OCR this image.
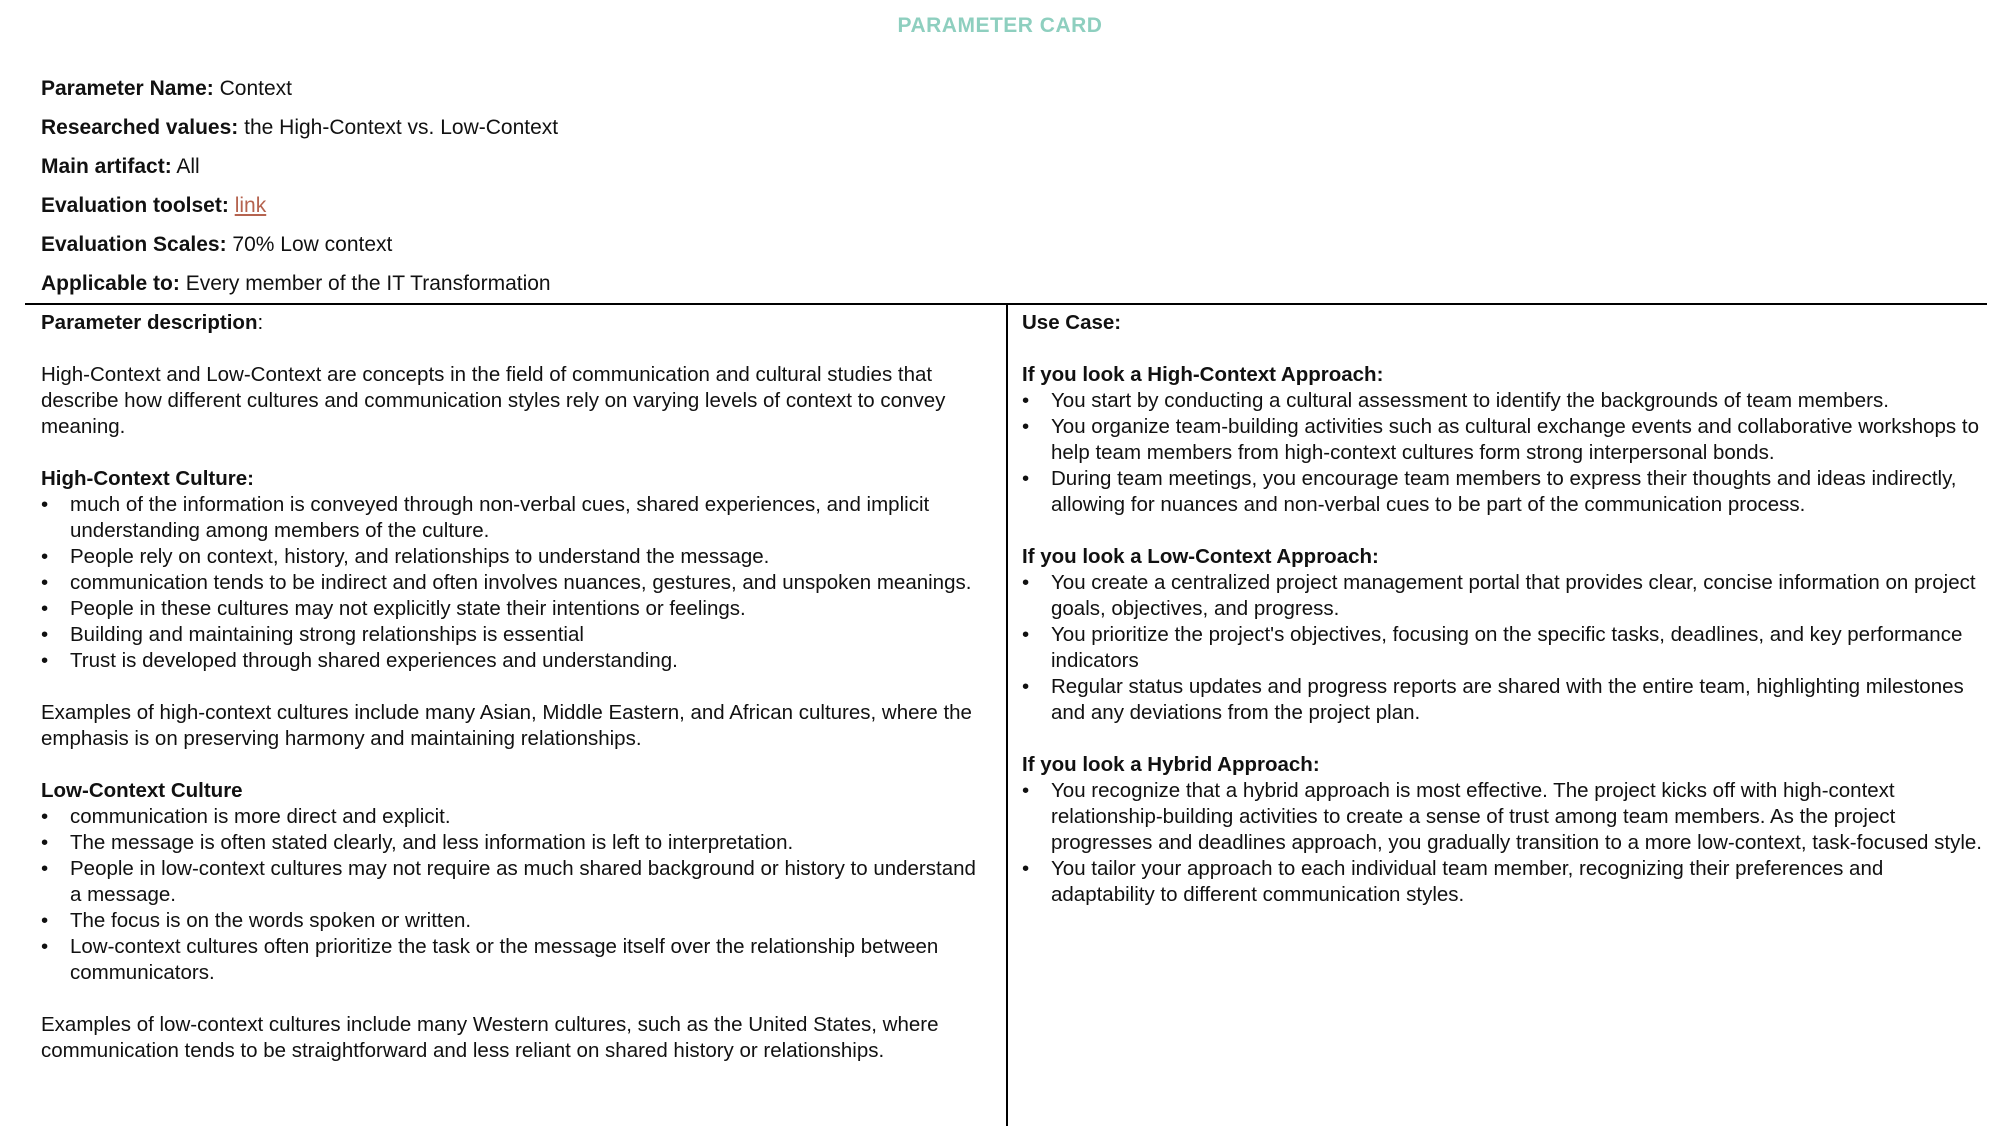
PARAMETER CARD
Parameter Name: Context
Researched values: the High-Context vs. Low-Context
Main artifact: All
Evaluation toolset: link
Evaluation Scales: 70% Low context
Applicable to: Every member of the IT Transformation

Parameter description:

High-Context and Low-Context are concepts in the field of communication and cultural studies that describe how different cultures and communication styles rely on varying levels of context to convey meaning.

High-Context Culture:

• much of the information is conveyed through non-verbal cues, shared experiences, and implicit understanding among members of the culture.
• People rely on context, history, and relationships to understand the message.
• communication tends to be indirect and often involves nuances, gestures, and unspoken meanings.
• People in these cultures may not explicitly state their intentions or feelings.
• Building and maintaining strong relationships is essential
• Trust is developed through shared experiences and understanding.

Examples of high-context cultures include many Asian, Middle Eastern, and African cultures, where the emphasis is on preserving harmony and maintaining relationships.

Low-Context Culture

• communication is more direct and explicit.
• The message is often stated clearly, and less information is left to interpretation.
• People in low-context cultures may not require as much shared background or history to understand a message.
• The focus is on the words spoken or written.
• Low-context cultures often prioritize the task or the message itself over the relationship between communicators.

Examples of low-context cultures include many Western cultures, such as the United States, where communication tends to be straightforward and less reliant on shared history or relationships.

Use Case:

If you look a High-Context Approach:

• You start by conducting a cultural assessment to identify the backgrounds of team members.
• You organize team-building activities such as cultural exchange events and collaborative workshops to help team members from high-context cultures form strong interpersonal bonds.
• During team meetings, you encourage team members to express their thoughts and ideas indirectly, allowing for nuances and non-verbal cues to be part of the communication process.

If you look a Low-Context Approach:

• You create a centralized project management portal that provides clear, concise information on project goals, objectives, and progress.
• You prioritize the project's objectives, focusing on the specific tasks, deadlines, and key performance indicators
• Regular status updates and progress reports are shared with the entire team, highlighting milestones and any deviations from the project plan.

If you look a Hybrid Approach:

• You recognize that a hybrid approach is most effective. The project kicks off with high-context relationship-building activities to create a sense of trust among team members. As the project progresses and deadlines approach, you gradually transition to a more low-context, task-focused style.
• You tailor your approach to each individual team member, recognizing their preferences and adaptability to different communication styles.
